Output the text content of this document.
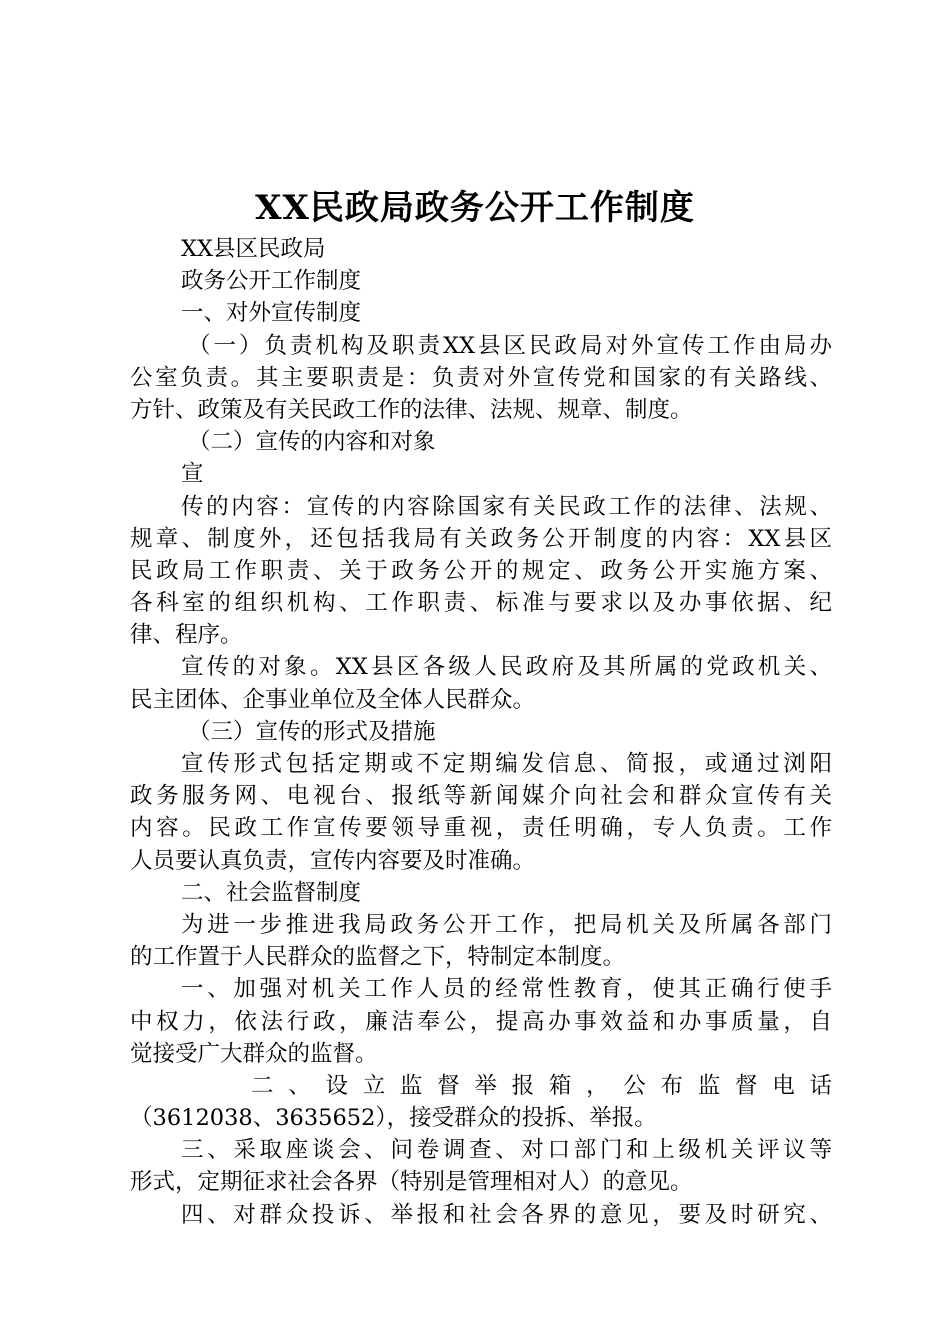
XX民政局政务公开工作制度
XX县区民政局
政务公开工作制度
一、对外宣传制度
（一）负责机构及职责XX县区民政局对外宣传工作由局办
公室负责。其主要职责是：负责对外宣传党和国家的有关路线、
方针、政策及有关民政工作的法律、法规、规章、制度。
（二）宣传的内容和对象
宣
传的内容：宣传的内容除国家有关民政工作的法律、法规、
规章、制度外，还包括我局有关政务公开制度的内容：XX县区
民政局工作职责、关于政务公开的规定、政务公开实施方案、
各科室的组织机构、工作职责、标准与要求以及办事依据、纪
律、程序。
宣传的对象。XX县区各级人民政府及其所属的党政机关、
民主团体、企事业单位及全体人民群众。
（三）宣传的形式及措施
宣传形式包括定期或不定期编发信息、简报，或通过浏阳
政务服务网、电视台、报纸等新闻媒介向社会和群众宣传有关
内容。民政工作宣传要领导重视，责任明确，专人负责。工作
人员要认真负责，宣传内容要及时准确。
二、社会监督制度
为进一步推进我局政务公开工作，把局机关及所属各部门
的工作置于人民群众的监督之下，特制定本制度。
一、加强对机关工作人员的经常性教育，使其正确行使手
中权力，依法行政，廉洁奉公，提高办事效益和办事质量，自
觉接受广大群众的监督。
二、设立监督举报箱，公布监督电话
（3612038、3635652），接受群众的投拆、举报。
三、采取座谈会、问卷调查、对口部门和上级机关评议等
形式，定期征求社会各界（特别是管理相对人）的意见。
四、对群众投诉、举报和社会各界的意见，要及时研究、
